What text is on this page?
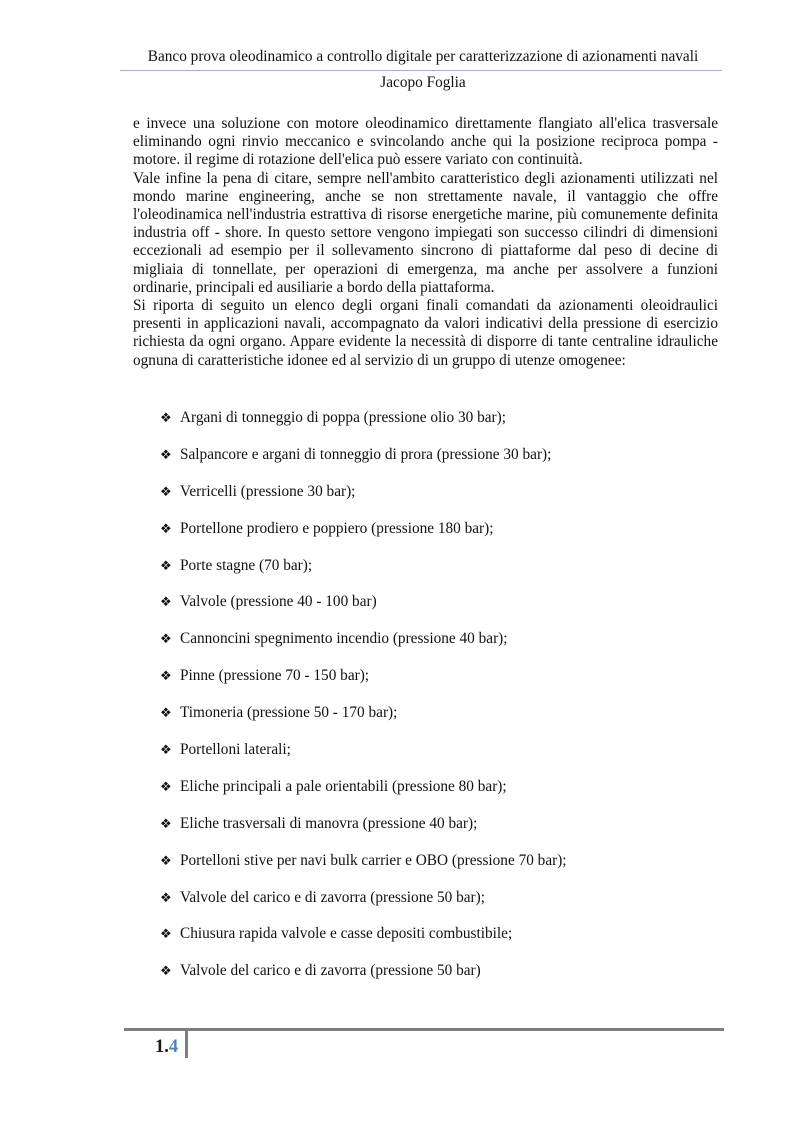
Banco prova oleodinamico a controllo digitale per caratterizzazione di azionamenti navali
Jacopo Foglia

e invece una soluzione con motore oleodinamico direttamente flangiato all'elica trasversale eliminando ogni rinvio meccanico e svincolando anche qui la posizione reciproca pompa - motore. il regime di rotazione dell'elica può essere variato con continuità.

Vale infine la pena di citare, sempre nell'ambito caratteristico degli azionamenti utilizzati nel mondo marine engineering, anche se non strettamente navale, il vantaggio che offre l'oleodinamica nell'industria estrattiva di risorse energetiche marine, più comunemente definita industria off - shore. In questo settore vengono impiegati son successo cilindri di dimensioni eccezionali ad esempio per il sollevamento sincrono di piattaforme dal peso di decine di migliaia di tonnellate, per operazioni di emergenza, ma anche per assolvere a funzioni ordinarie, principali ed ausiliarie a bordo della piattaforma.

Si riporta di seguito un elenco degli organi finali comandati da azionamenti oleoidraulici presenti in applicazioni navali, accompagnato da valori indicativi della pressione di esercizio richiesta da ogni organo. Appare evidente la necessità di disporre di tante centraline idrauliche ognuna di caratteristiche idonee ed al servizio di un gruppo di utenze omogenee:

❖ Argani di tonneggio di poppa (pressione olio 30 bar);
❖ Salpancore e argani di tonneggio di prora (pressione 30 bar);
❖ Verricelli (pressione 30 bar);
❖ Portellone prodiero e poppiero (pressione 180 bar);
❖ Porte stagne (70 bar);
❖ Valvole (pressione 40 - 100 bar)
❖ Cannoncini spegnimento incendio (pressione 40 bar);
❖ Pinne (pressione 70 - 150 bar);
❖ Timoneria (pressione 50 - 170 bar);
❖ Portelloni laterali;
❖ Eliche principali a pale orientabili (pressione 80 bar);
❖ Eliche trasversali di manovra (pressione 40 bar);
❖ Portelloni stive per navi bulk carrier e OBO (pressione 70 bar);
❖ Valvole del carico e di zavorra (pressione 50 bar);
❖ Chiusura rapida valvole e casse depositi combustibile;
❖ Valvole del carico e di zavorra (pressione 50 bar)
1.4
